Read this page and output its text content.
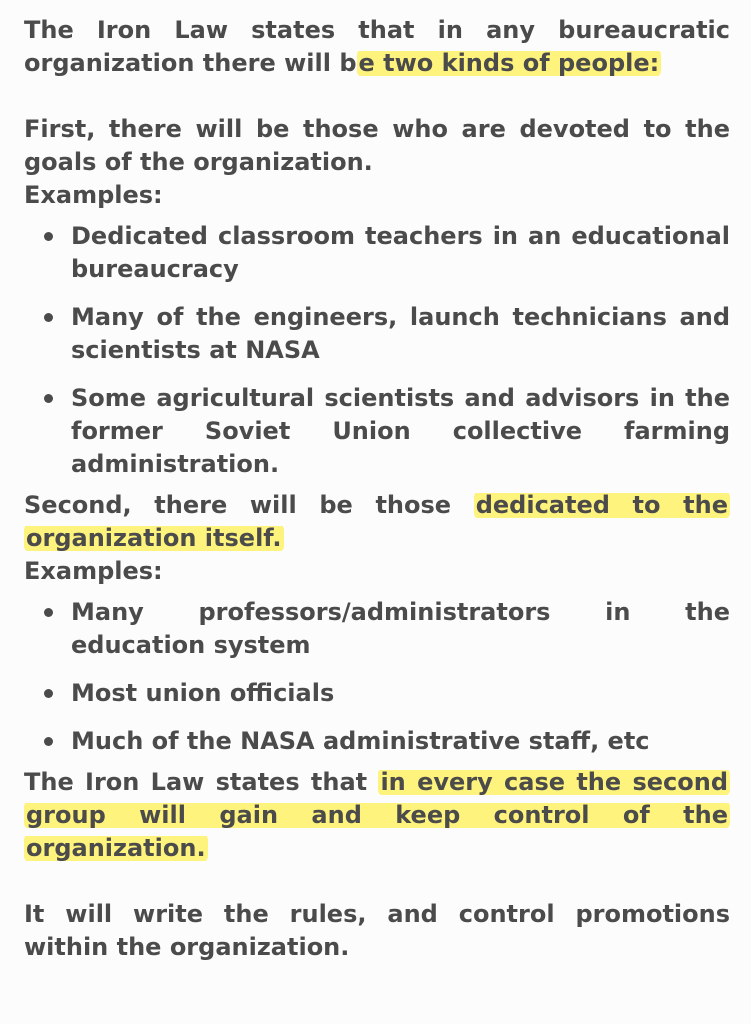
The Iron Law states that in any bureaucratic organization there will be two kinds of people:

First, there will be those who are devoted to the goals of the organization.

Examples:

Dedicated classroom teachers in an educational bureaucracy
Many of the engineers, launch technicians and scientists at NASA
Some agricultural scientists and advisors in the former Soviet Union collective farming administration.

Second, there will be those dedicated to the organization itself.

Examples:

Many professors/administrators in the education system
Most union officials
Much of the NASA administrative staff, etc

The Iron Law states that in every case the second group will gain and keep control of the organization.

It will write the rules, and control promotions within the organization.
